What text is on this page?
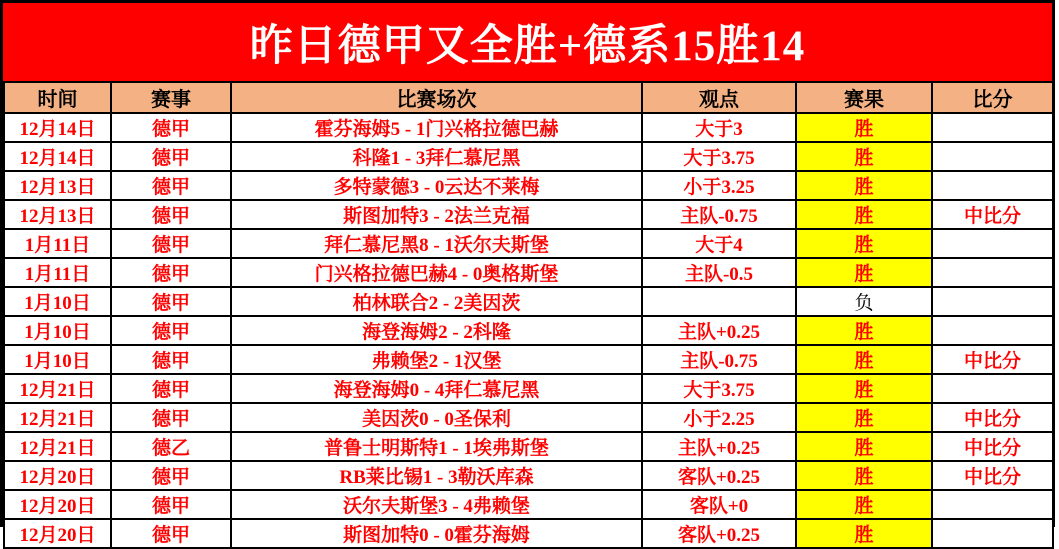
昨日德甲又全胜+德系15胜14
时间	赛事	比赛场次	观点	赛果	比分
12月14日	德甲	霍芬海姆5 - 1门兴格拉德巴赫	大于3	胜	
12月14日	德甲	科隆1 - 3拜仁慕尼黑	大于3.75	胜	
12月13日	德甲	多特蒙德3 - 0云达不莱梅	小于3.25	胜	
12月13日	德甲	斯图加特3 - 2法兰克福	主队-0.75	胜	中比分
1月11日	德甲	拜仁慕尼黑8 - 1沃尔夫斯堡	大于4	胜	
1月11日	德甲	门兴格拉德巴赫4 - 0奥格斯堡	主队-0.5	胜	
1月10日	德甲	柏林联合2 - 2美因茨		负	
1月10日	德甲	海登海姆2 - 2科隆	主队+0.25	胜	
1月10日	德甲	弗赖堡2 - 1汉堡	主队-0.75	胜	中比分
12月21日	德甲	海登海姆0 - 4拜仁慕尼黑	大于3.75	胜	
12月21日	德甲	美因茨0 - 0圣保利	小于2.25	胜	中比分
12月21日	德乙	普鲁士明斯特1 - 1埃弗斯堡	主队+0.25	胜	中比分
12月20日	德甲	RB莱比锡1 - 3勒沃库森	客队+0.25	胜	中比分
12月20日	德甲	沃尔夫斯堡3 - 4弗赖堡	客队+0	胜	
12月20日	德甲	斯图加特0 - 0霍芬海姆	客队+0.25	胜	
